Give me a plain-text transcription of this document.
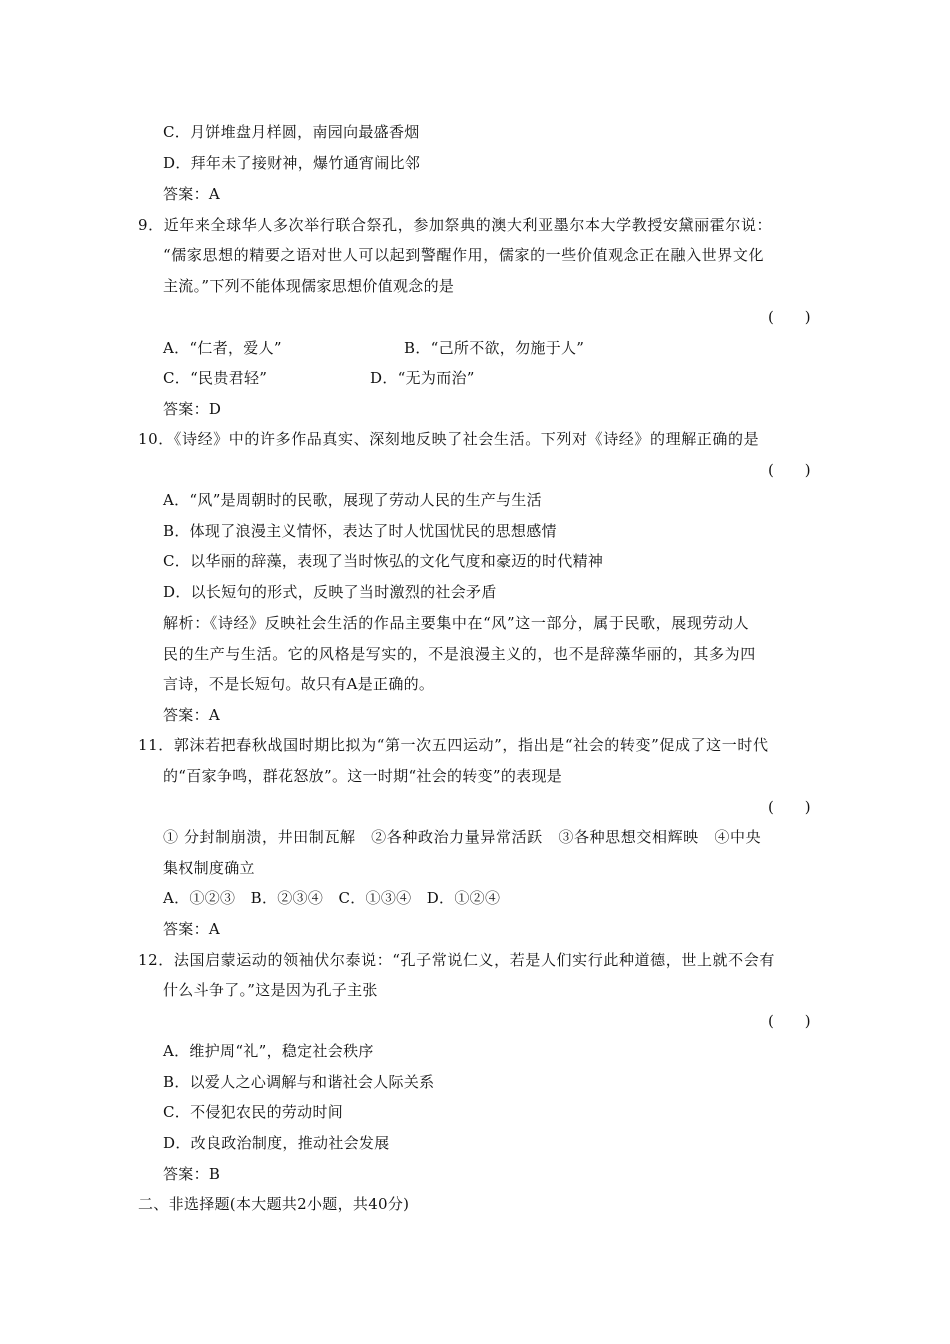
C．月饼堆盘月样圆，南园向最盛香烟
D．拜年未了接财神，爆竹通宵闹比邻
答案：A
9．近年来全球华人多次举行联合祭孔，参加祭典的澳大利亚墨尔本大学教授安黛丽霍尔说：
“儒家思想的精要之语对世人可以起到警醒作用，儒家的一些价值观念正在融入世界文化
主流。”下列不能体现儒家思想价值观念的是
(　　)
A．“仁者，爱人”	B．“己所不欲，勿施于人”
C．“民贵君轻”	D．“无为而治”
答案：D
10．《诗经》中的许多作品真实、深刻地反映了社会生活。下列对《诗经》的理解正确的是
(　　)
A．“风”是周朝时的民歌，展现了劳动人民的生产与生活
B．体现了浪漫主义情怀，表达了时人忧国忧民的思想感情
C．以华丽的辞藻，表现了当时恢弘的文化气度和豪迈的时代精神
D．以长短句的形式，反映了当时激烈的社会矛盾
解析：《诗经》反映社会生活的作品主要集中在“风”这一部分，属于民歌，展现劳动人
民的生产与生活。它的风格是写实的，不是浪漫主义的，也不是辞藻华丽的，其多为四
言诗，不是长短句。故只有A是正确的。
答案：A
11．郭沫若把春秋战国时期比拟为“第一次五四运动”，指出是“社会的转变”促成了这一时代
的“百家争鸣，群花怒放”。这一时期“社会的转变”的表现是
(　　)
① 分封制崩溃，井田制瓦解　②各种政治力量异常活跃　③各种思想交相辉映　④中央
集权制度确立
A．①②③　B．②③④　C．①③④　D．①②④
答案：A
12．法国启蒙运动的领袖伏尔泰说：“孔子常说仁义，若是人们实行此种道德，世上就不会有
什么斗争了。”这是因为孔子主张
(　　)
A．维护周“礼”，稳定社会秩序
B．以爱人之心调解与和谐社会人际关系
C．不侵犯农民的劳动时间
D．改良政治制度，推动社会发展
答案：B
二、非选择题(本大题共2小题，共40分)
